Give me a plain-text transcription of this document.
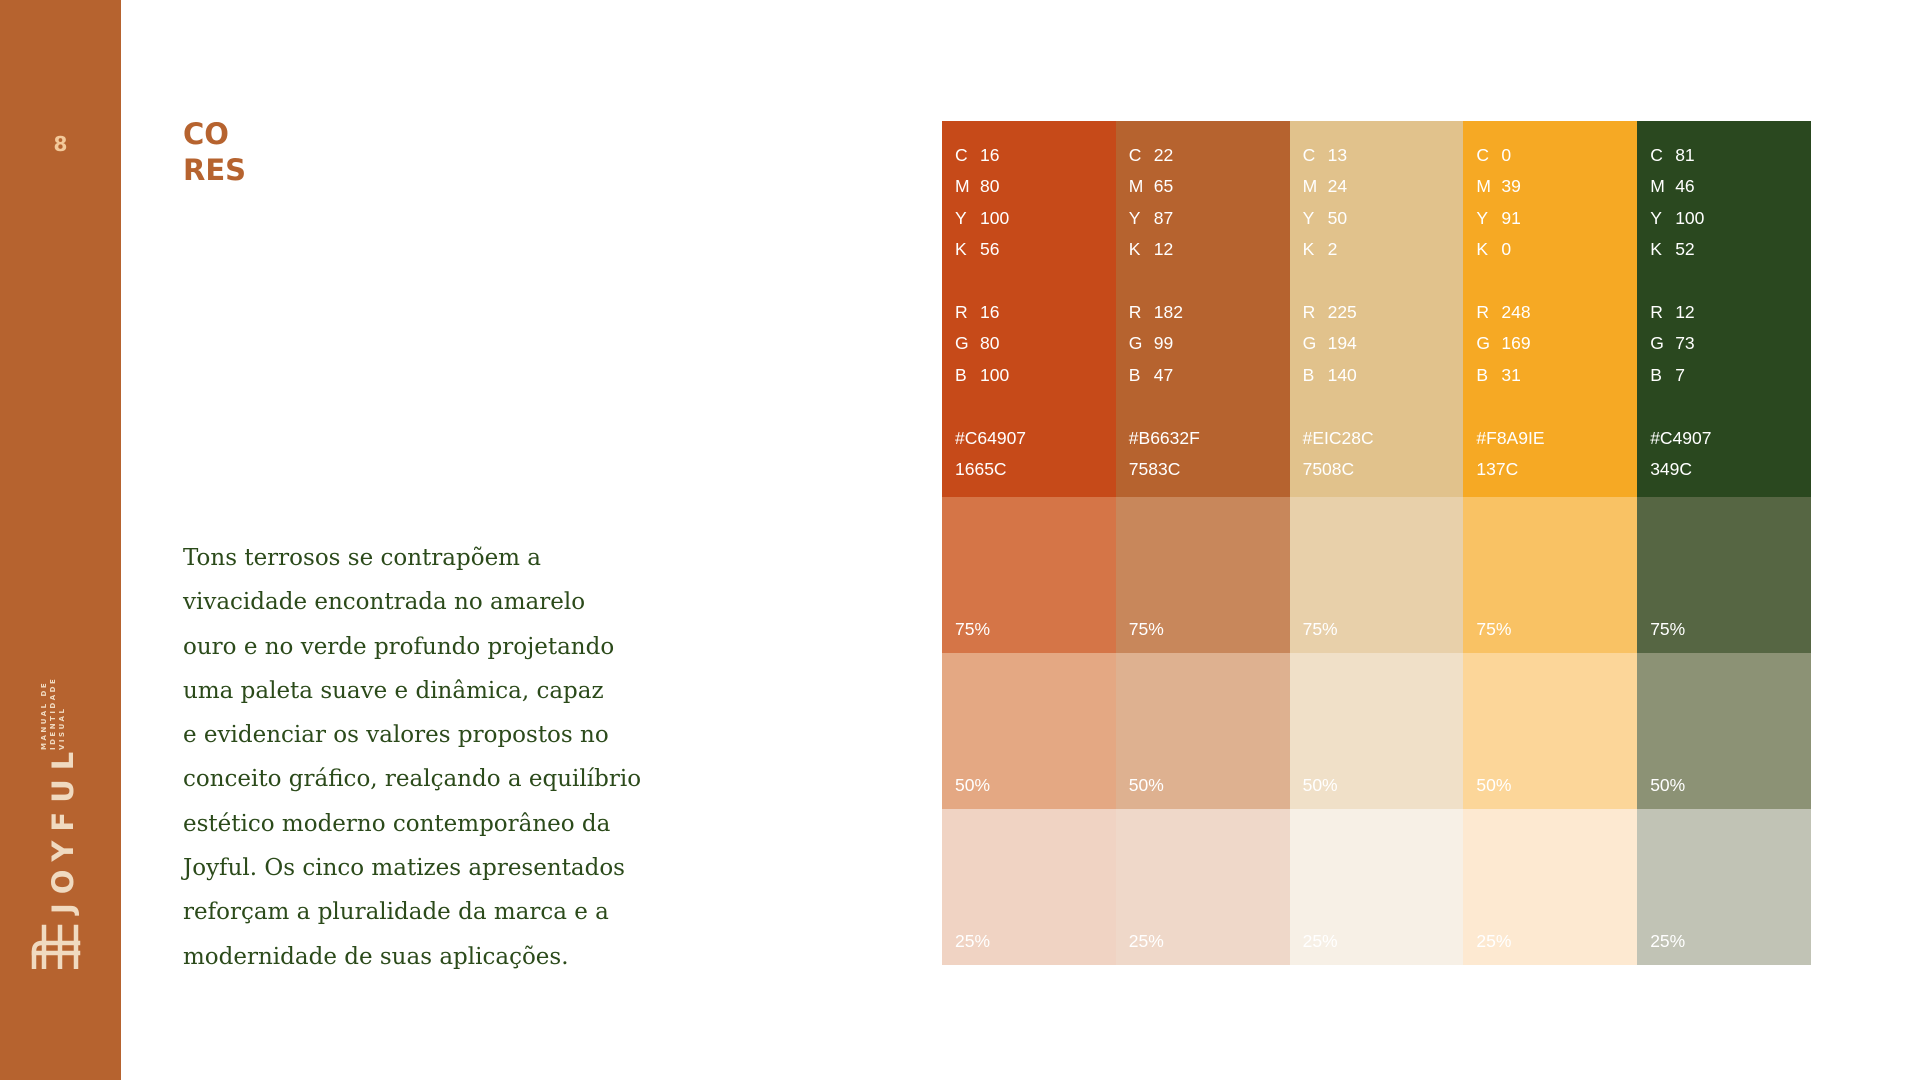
8
MANUAL DE IDENTIDADE VISUAL
JOYFUL
CO
RES
Tons terrosos se contrapõem a
vivacidade encontrada no amarelo
ouro e no verde profundo projetando
uma paleta suave e dinâmica, capaz
e evidenciar os valores propostos no
conceito gráfico, realçando a equilíbrio
estético moderno contemporâneo da
Joyful. Os cinco matizes apresentados
reforçam a pluralidade da marca e a
modernidade de suas aplicações.
C 16
M 80
Y 100
K 56
R 16
G 80
B 100
#C64907
1665C
75%
50%
25%
C 22
M 65
Y 87
K 12
R 182
G 99
B 47
#B6632F
7583C
75%
50%
25%
C 13
M 24
Y 50
K 2
R 225
G 194
B 140
#EIC28C
7508C
75%
50%
25%
C 0
M 39
Y 91
K 0
R 248
G 169
B 31
#F8A9IE
137C
75%
50%
25%
C 81
M 46
Y 100
K 52
R 12
G 73
B 7
#C4907
349C
75%
50%
25%
